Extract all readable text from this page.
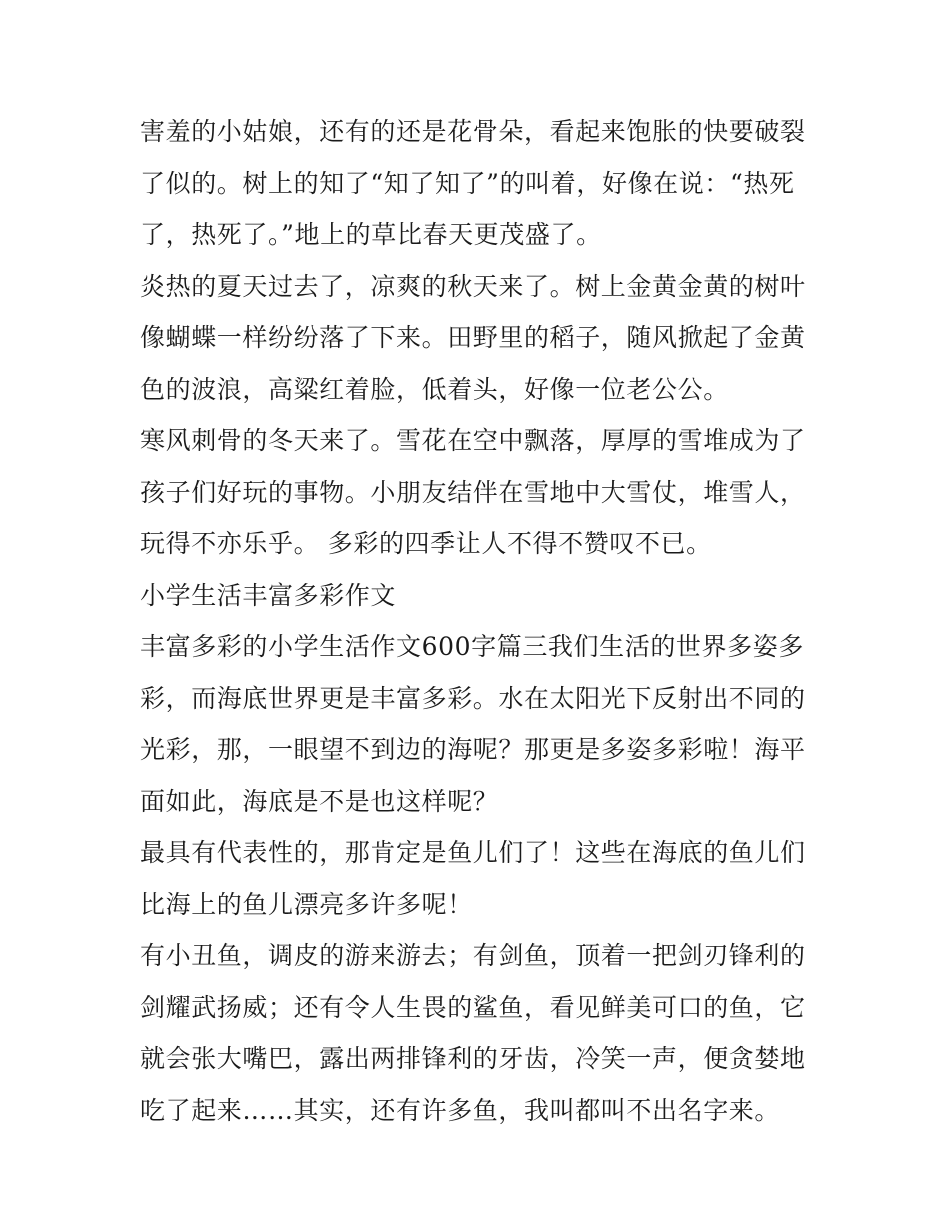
害羞的小姑娘，还有的还是花骨朵，看起来饱胀的快要破裂了似的。树上的知了“知了知了”的叫着，好像在说：“热死了，热死了。”地上的草比春天更茂盛了。

炎热的夏天过去了，凉爽的秋天来了。树上金黄金黄的树叶像蝴蝶一样纷纷落了下来。田野里的稻子，随风掀起了金黄色的波浪，高粱红着脸，低着头，好像一位老公公。

寒风刺骨的冬天来了。雪花在空中飘落，厚厚的雪堆成为了孩子们好玩的事物。小朋友结伴在雪地中大雪仗，堆雪人，玩得不亦乐乎。 多彩的四季让人不得不赞叹不已。

小学生活丰富多彩作文

丰富多彩的小学生活作文600字篇三我们生活的世界多姿多彩，而海底世界更是丰富多彩。水在太阳光下反射出不同的光彩，那，一眼望不到边的海呢？那更是多姿多彩啦！海平面如此，海底是不是也这样呢？

最具有代表性的，那肯定是鱼儿们了！这些在海底的鱼儿们比海上的鱼儿漂亮多许多呢！

有小丑鱼，调皮的游来游去；有剑鱼，顶着一把剑刃锋利的剑耀武扬威；还有令人生畏的鲨鱼，看见鲜美可口的鱼，它就会张大嘴巴，露出两排锋利的牙齿，冷笑一声，便贪婪地吃了起来……其实，还有许多鱼，我叫都叫不出名字来。
